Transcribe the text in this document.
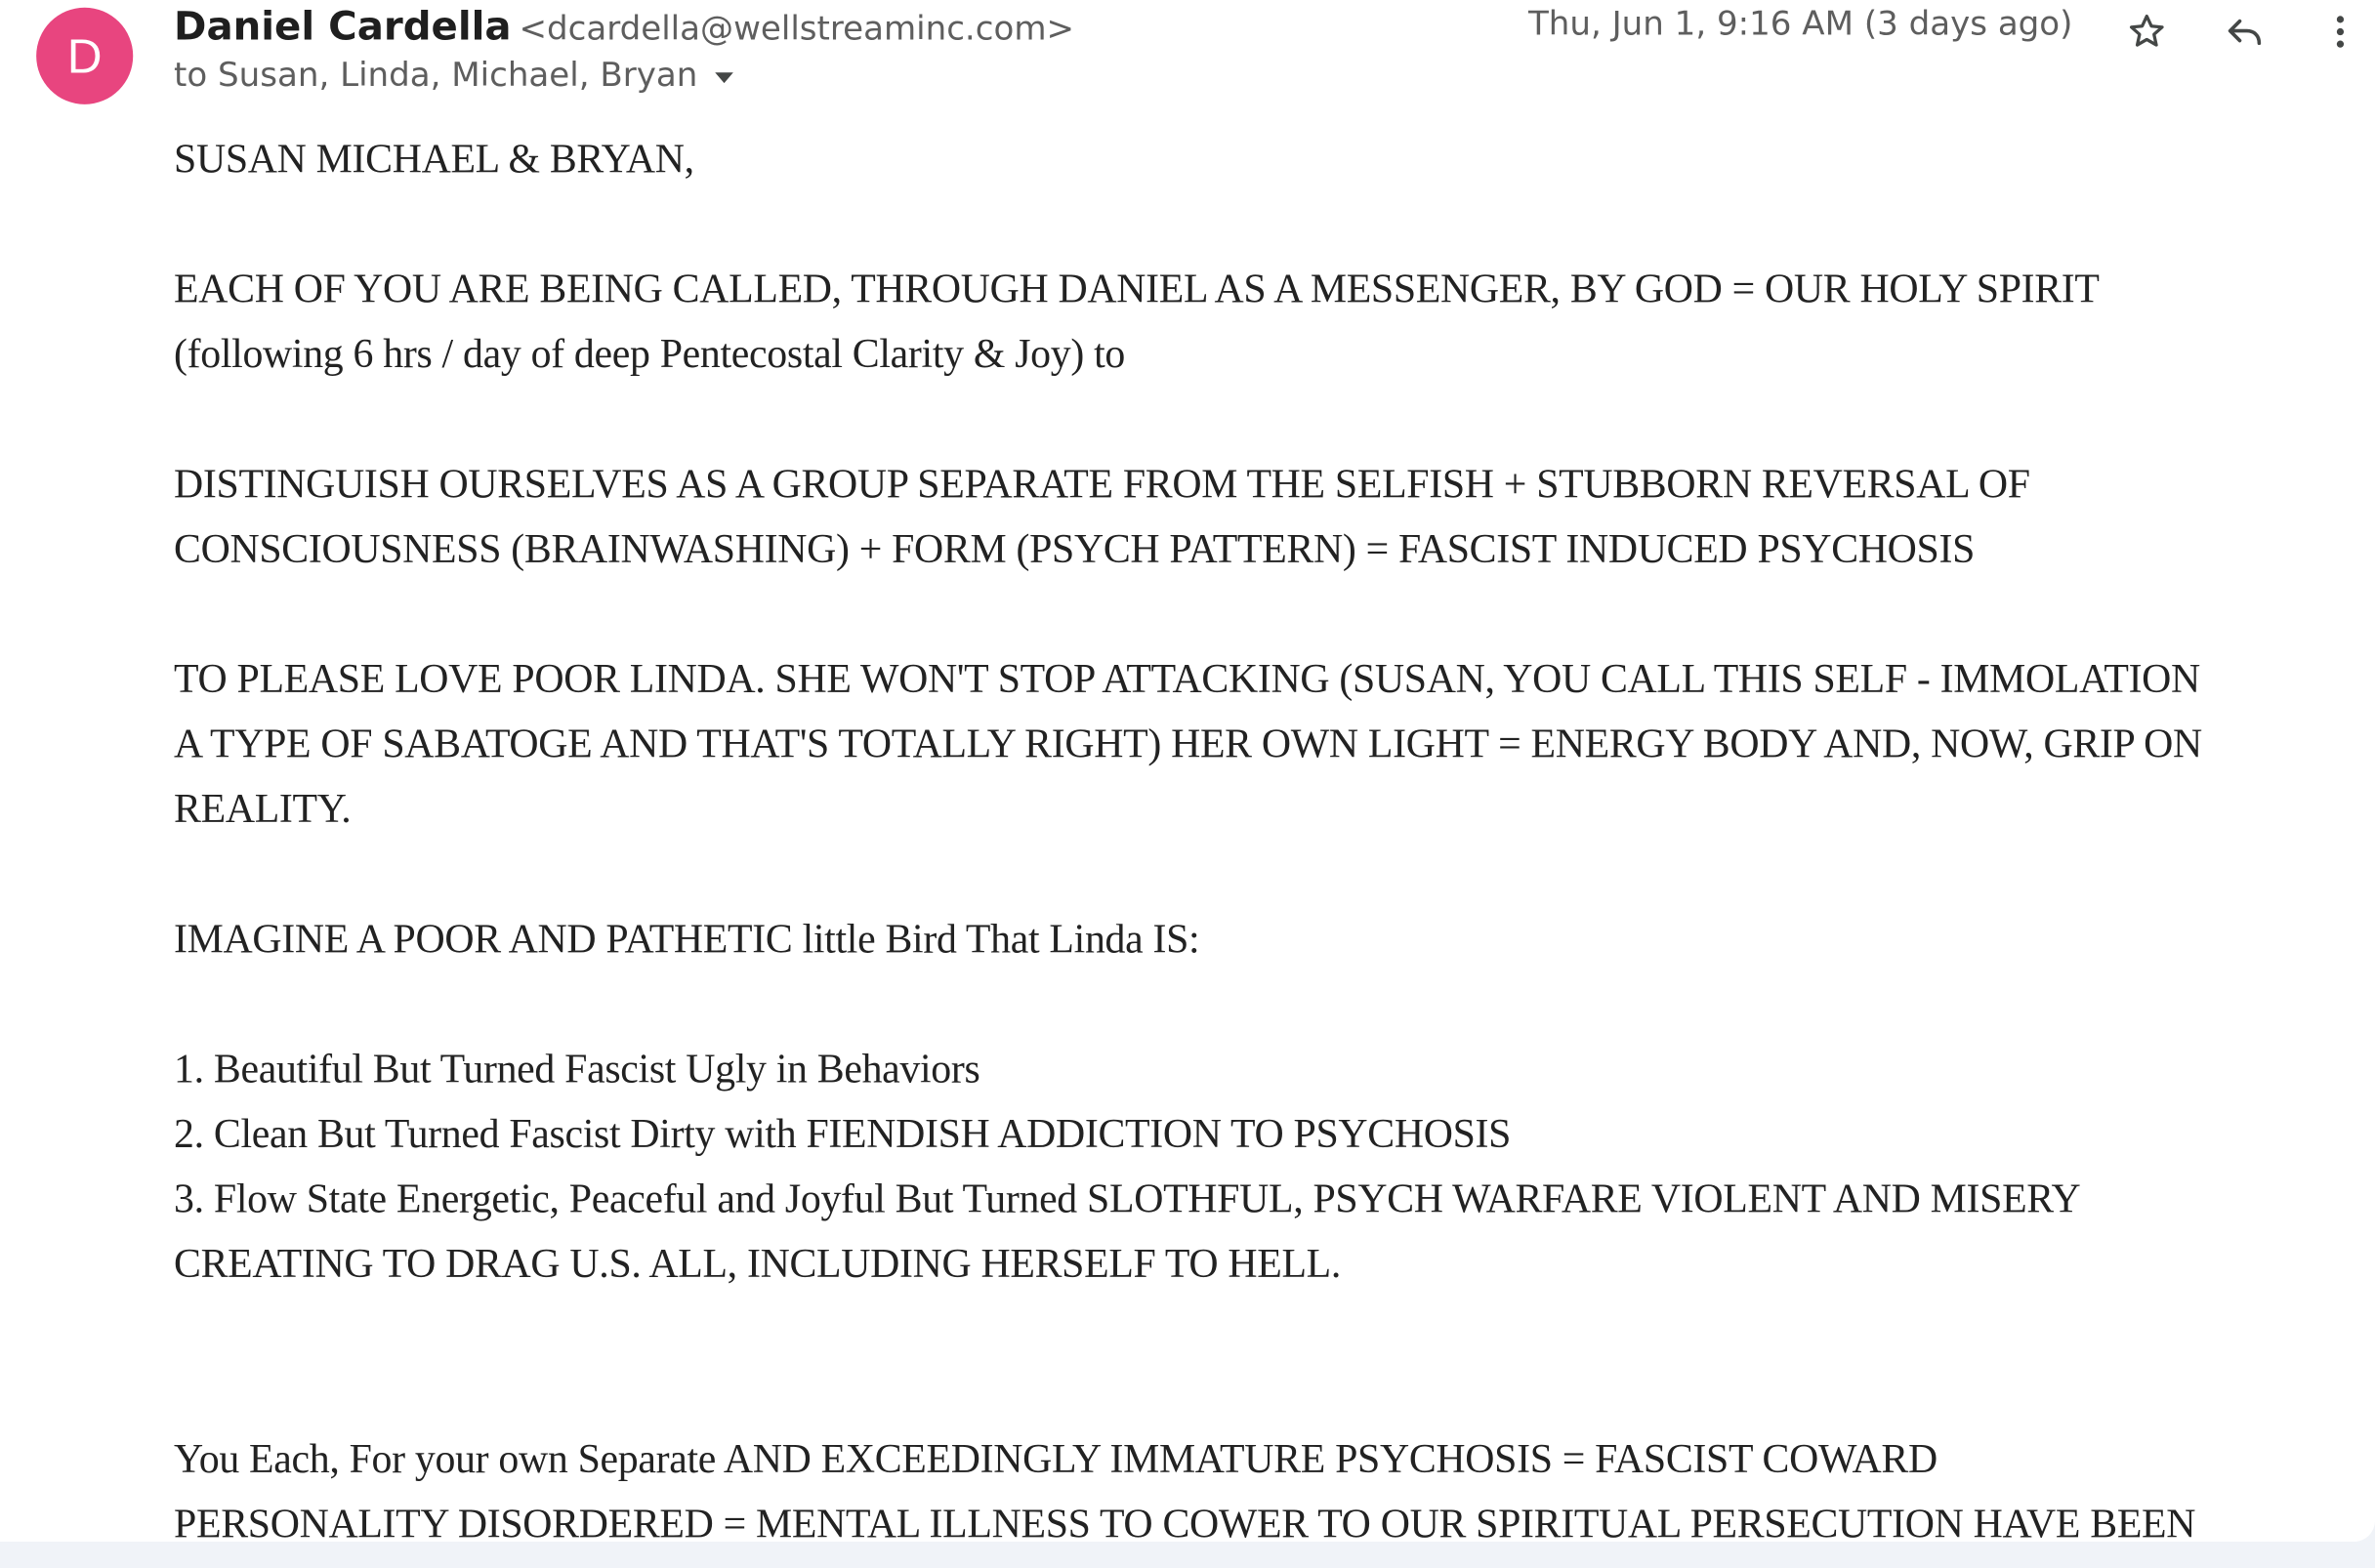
D
Daniel Cardella <dcardella@wellstreaminc.com>
to Susan, Linda, Michael, Bryan
Thu, Jun 1, 9:16 AM (3 days ago)

SUSAN MICHAEL & BRYAN,

EACH OF YOU ARE BEING CALLED, THROUGH DANIEL AS A MESSENGER, BY GOD = OUR HOLY SPIRIT

(following 6 hrs / day of deep Pentecostal Clarity & Joy) to

DISTINGUISH OURSELVES AS A GROUP SEPARATE FROM THE SELFISH + STUBBORN REVERSAL OF

CONSCIOUSNESS (BRAINWASHING) + FORM (PSYCH PATTERN) = FASCIST INDUCED PSYCHOSIS

TO PLEASE LOVE POOR LINDA. SHE WON'T STOP ATTACKING (SUSAN, YOU CALL THIS SELF - IMMOLATION

A TYPE OF SABATOGE AND THAT'S TOTALLY RIGHT) HER OWN LIGHT = ENERGY BODY AND, NOW, GRIP ON

REALITY.

IMAGINE A POOR AND PATHETIC little Bird That Linda IS:

1. Beautiful But Turned Fascist Ugly in Behaviors

2. Clean But Turned Fascist Dirty with FIENDISH ADDICTION TO PSYCHOSIS

3. Flow State Energetic, Peaceful and Joyful But Turned SLOTHFUL, PSYCH WARFARE VIOLENT AND MISERY

CREATING TO DRAG U.S. ALL, INCLUDING HERSELF TO HELL.

You Each, For your own Separate AND EXCEEDINGLY IMMATURE PSYCHOSIS = FASCIST COWARD

PERSONALITY DISORDERED = MENTAL ILLNESS TO COWER TO OUR SPIRITUAL PERSECUTION HAVE BEEN
